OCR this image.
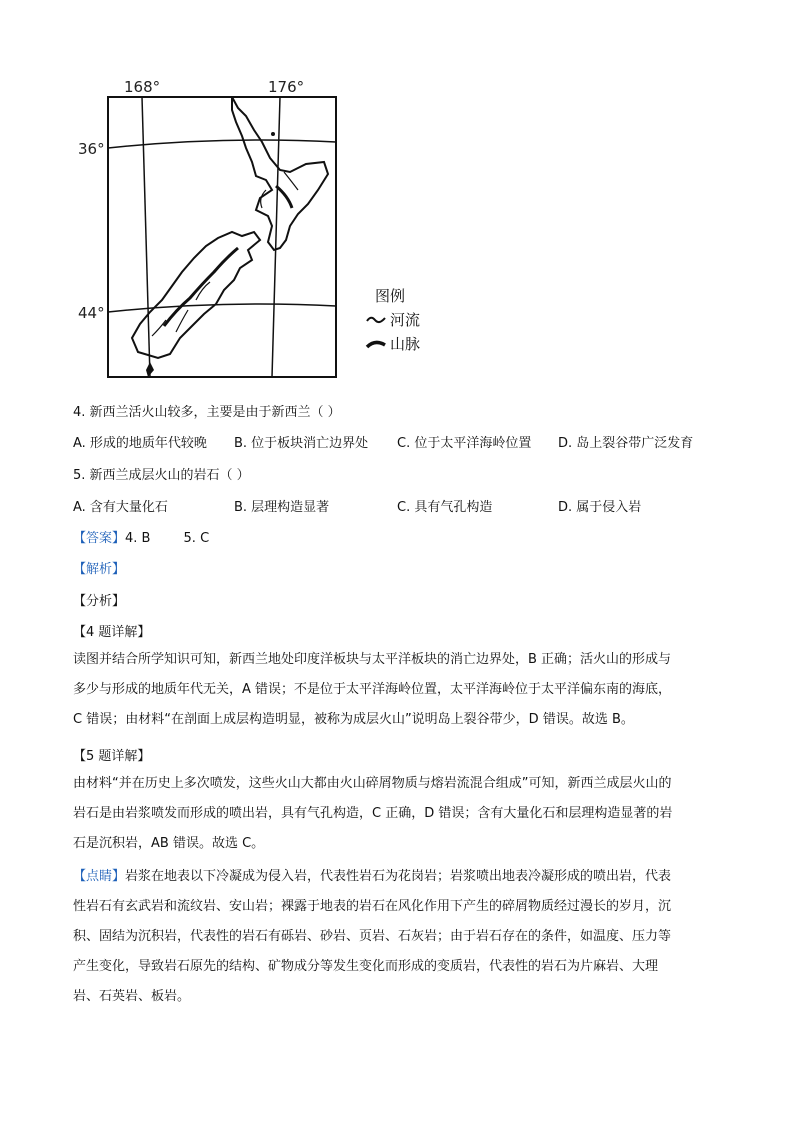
168°	176°
36°
44°
图例
河流
山脉
4. 新西兰活火山较多，主要是由于新西兰（ ）
A. 形成的地质年代较晚 B. 位于板块消亡边界处 C. 位于太平洋海岭位置 D. 岛上裂谷带广泛发育
5. 新西兰成层火山的岩石（ ）
A. 含有大量化石	B. 层理构造显著	C. 具有气孔构造	D. 属于侵入岩
【答案】4. B        5. C
【解析】
【分析】
【4 题详解】
读图并结合所学知识可知，新西兰地处印度洋板块与太平洋板块的消亡边界处，B 正确；活火山的形成与
多少与形成的地质年代无关，A 错误；不是位于太平洋海岭位置，太平洋海岭位于太平洋偏东南的海底，
C 错误；由材料“在剖面上成层构造明显，被称为成层火山”说明岛上裂谷带少，D 错误。故选 B。
【5 题详解】
由材料“并在历史上多次喷发，这些火山大都由火山碎屑物质与熔岩流混合组成”可知，新西兰成层火山的
岩石是由岩浆喷发而形成的喷出岩，具有气孔构造，C 正确，D 错误；含有大量化石和层理构造显著的岩
石是沉积岩，AB 错误。故选 C。
【点睛】岩浆在地表以下冷凝成为侵入岩，代表性岩石为花岗岩；岩浆喷出地表冷凝形成的喷出岩，代表
性岩石有玄武岩和流纹岩、安山岩；裸露于地表的岩石在风化作用下产生的碎屑物质经过漫长的岁月，沉
积、固结为沉积岩，代表性的岩石有砾岩、砂岩、页岩、石灰岩；由于岩石存在的条件，如温度、压力等
产生变化，导致岩石原先的结构、矿物成分等发生变化而形成的变质岩，代表性的岩石为片麻岩、大理
岩、石英岩、板岩。
